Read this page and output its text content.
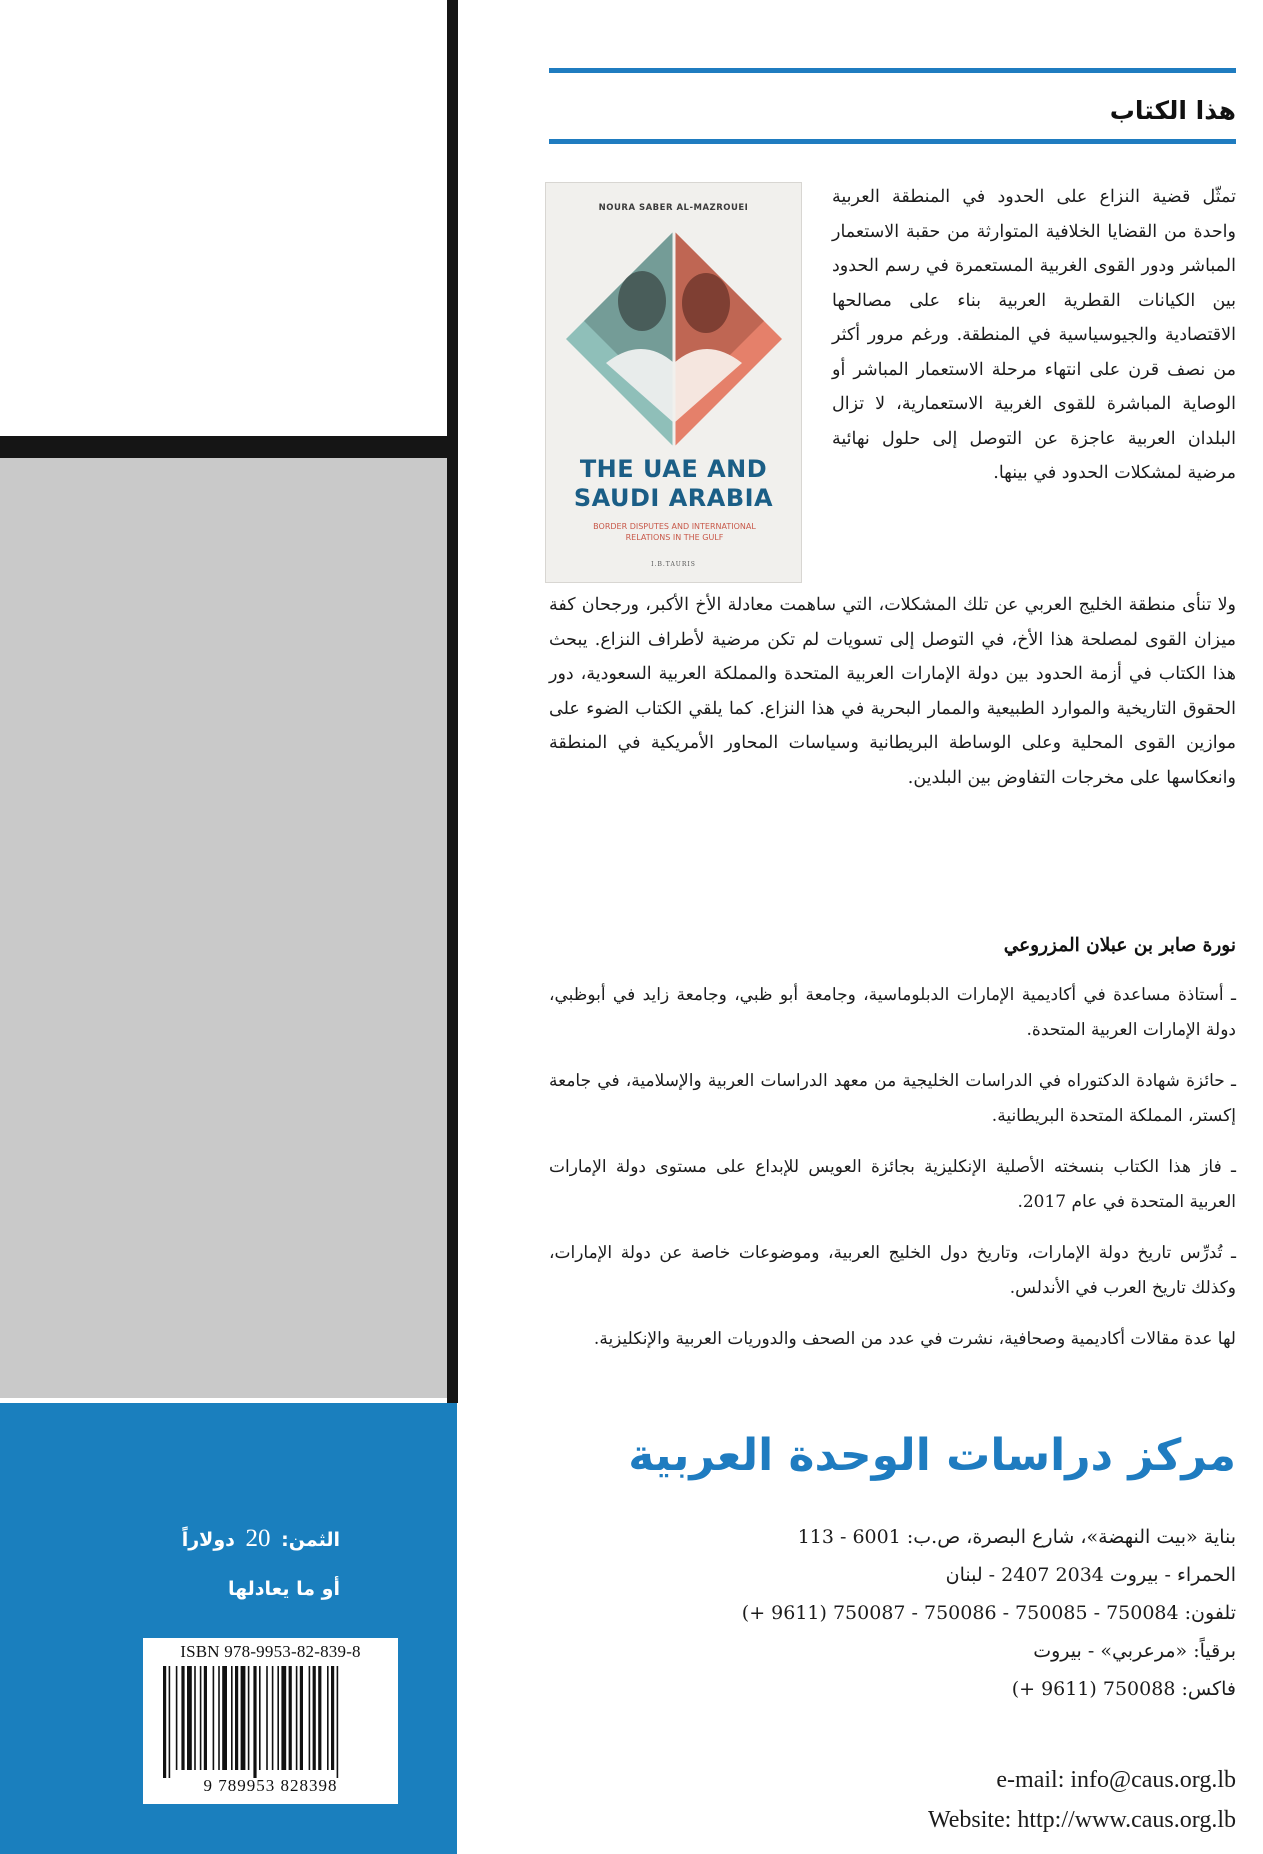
الثمن: 20 دولاراً
أو ما يعادلها
ISBN 978-9953-82-839-8
9 789953 828398
هذا الكتاب
NOURA SABER AL-MAZROUEI
THE UAE AND
SAUDI ARABIA
BORDER DISPUTES AND INTERNATIONAL RELATIONS IN THE GULF
I.B.TAURIS
تمثّل قضية النزاع على الحدود في المنطقة العربية واحدة من القضايا الخلافية المتوارثة من حقبة الاستعمار المباشر ودور القوى الغربية المستعمرة في رسم الحدود بين الكيانات القطرية العربية بناء على مصالحها الاقتصادية والجيوسياسية في المنطقة. ورغم مرور أكثر من نصف قرن على انتهاء مرحلة الاستعمار المباشر أو الوصاية المباشرة للقوى الغربية الاستعمارية، لا تزال البلدان العربية عاجزة عن التوصل إلى حلول نهائية مرضية لمشكلات الحدود في بينها.
ولا تنأى منطقة الخليج العربي عن تلك المشكلات، التي ساهمت معادلة الأخ الأكبر، ورجحان كفة ميزان القوى لمصلحة هذا الأخ، في التوصل إلى تسويات لم تكن مرضية لأطراف النزاع. يبحث هذا الكتاب في أزمة الحدود بين دولة الإمارات العربية المتحدة والمملكة العربية السعودية، دور الحقوق التاريخية والموارد الطبيعية والممار البحرية في هذا النزاع. كما يلقي الكتاب الضوء على موازين القوى المحلية وعلى الوساطة البريطانية وسياسات المحاور الأمريكية في المنطقة وانعكاسها على مخرجات التفاوض بين البلدين.
نورة صابر بن عبلان المزروعي

ـ أستاذة مساعدة في أكاديمية الإمارات الدبلوماسية، وجامعة أبو ظبي، وجامعة زايد في أبوظبي، دولة الإمارات العربية المتحدة.

ـ حائزة شهادة الدكتوراه في الدراسات الخليجية من معهد الدراسات العربية والإسلامية، في جامعة إكستر، المملكة المتحدة البريطانية.

ـ فاز هذا الكتاب بنسخته الأصلية الإنكليزية بجائزة العويس للإبداع على مستوى دولة الإمارات العربية المتحدة في عام 2017.

ـ تُدرِّس تاريخ دولة الإمارات، وتاريخ دول الخليج العربية، وموضوعات خاصة عن دولة الإمارات، وكذلك تاريخ العرب في الأندلس.

لها عدة مقالات أكاديمية وصحافية، نشرت في عدد من الصحف والدوريات العربية والإنكليزية.

مركز دراسات الوحدة العربية
بناية «بيت النهضة»، شارع البصرة، ص.ب: 6001 - 113
الحمراء - بيروت 2034 2407 - لبنان
تلفون: 750084 - 750085 - 750086 - 750087 (9611 +)
برقياً: «مرعربي» - بيروت
فاكس: 750088 (9611 +)
e-mail: info@caus.org.lb
Website: http://www.caus.org.lb
